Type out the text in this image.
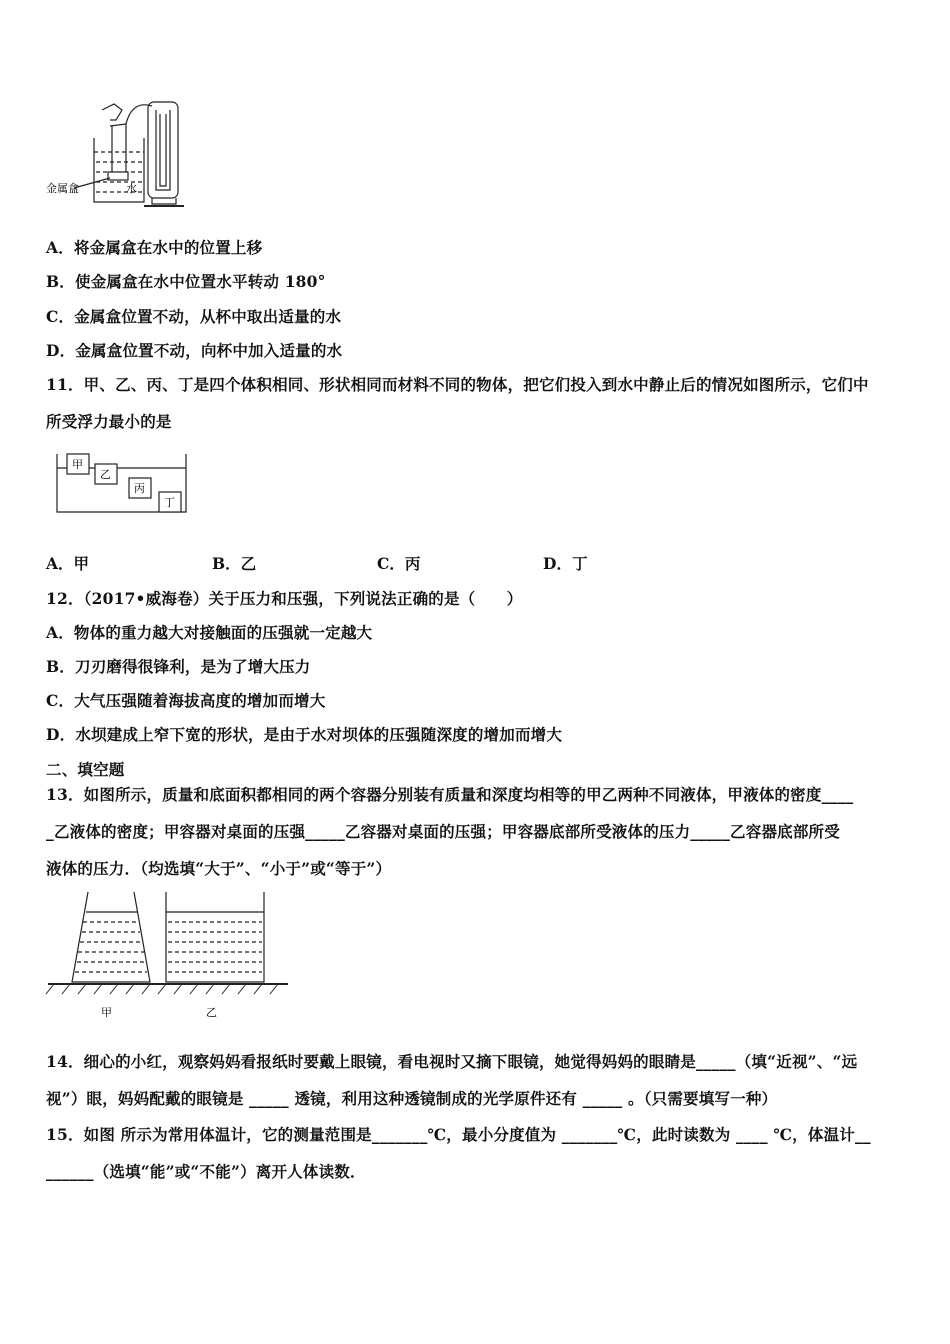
金属盒	水
A．将金属盒在水中的位置上移
B．使金属盒在水中位置水平转动 180°
C．金属盒位置不动，从杯中取出适量的水
D．金属盒位置不动，向杯中加入适量的水
11．甲、乙、丙、丁是四个体积相同、形状相同而材料不同的物体，把它们投入到水中静止后的情况如图所示，它们中
所受浮力最小的是
甲
乙
丙
丁
A．甲	B．乙	C．丙	D．丁
12．（2017•威海卷）关于压力和压强，下列说法正确的是（　　）
A．物体的重力越大对接触面的压强就一定越大
B．刀刃磨得很锋利，是为了增大压力
C．大气压强随着海拔高度的增加而增大
D．水坝建成上窄下宽的形状，是由于水对坝体的压强随深度的增加而增大
二、填空题
13．如图所示，质量和底面积都相同的两个容器分别装有质量和深度均相等的甲乙两种不同液体，甲液体的密度____
_乙液体的密度；甲容器对桌面的压强_____乙容器对桌面的压强；甲容器底部所受液体的压力_____乙容器底部所受
液体的压力．（均选填“大于”、“小于”或“等于”）
甲	乙
14．细心的小红，观察妈妈看报纸时要戴上眼镜，看电视时又摘下眼镜，她觉得妈妈的眼睛是_____（填“近视”、“远
视”）眼，妈妈配戴的眼镜是 _____ 透镜，利用这种透镜制成的光学原件还有 _____ 。（只需要填写一种）
15．如图 所示为常用体温计，它的测量范围是_______℃，最小分度值为 _______℃，此时读数为 ____ ℃，体温计__
______（选填“能”或“不能”）离开人体读数．
